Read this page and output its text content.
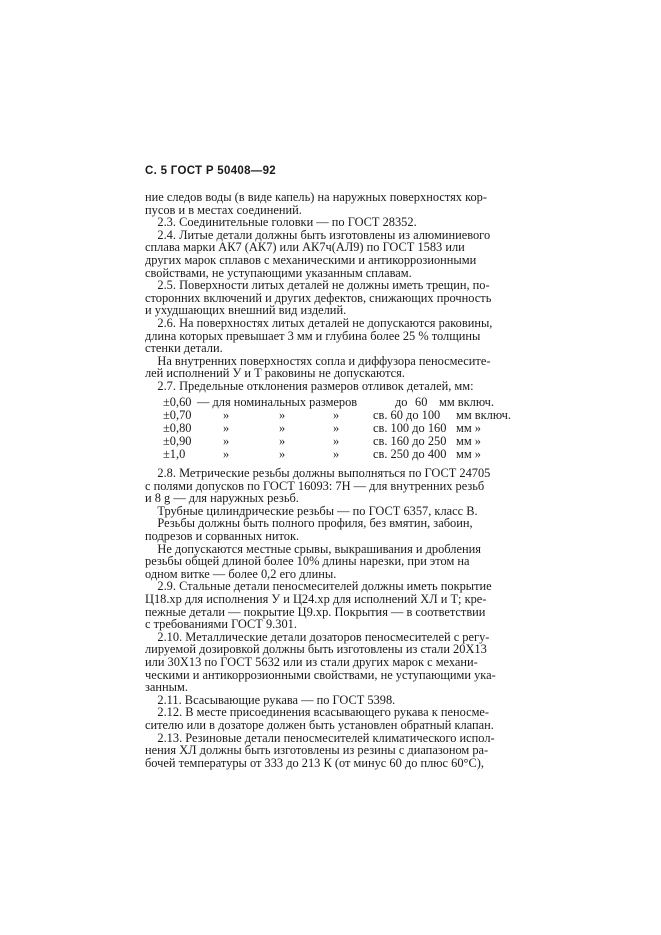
С. 5 ГОСТ Р 50408—92
ние следов воды (в виде капель) на наружных поверхностях кор-
пусов и в местах соединений.
2.3. Соединительные головки — по ГОСТ 28352.
2.4. Литые детали должны быть изготовлены из алюминиевого
сплава марки АК7 (АК7) или АК7ч(АЛ9) по ГОСТ 1583 или
других марок сплавов с механическими и антикоррозионными
свойствами, не уступающими указанным сплавам.
2.5. Поверхности литых деталей не должны иметь трещин, по-
сторонних включений и других дефектов, снижающих прочность
и ухудшающих внешний вид изделий.
2.6. На поверхностях литых деталей не допускаются раковины,
длина которых превышает 3 мм и глубина более 25 % толщины
стенки детали.
На внутренних поверхностях сопла и диффузора пеносмесите-
лей исполнений У и Т раковины не допускаются.
2.7. Предельные отклонения размеров отливок деталей, мм:
±0,60 — для номинальных размеров	до 60 мм включ.
±0,70	»	»	»	св. 60 до 100 мм включ.
±0,80	»	»	»	св. 100 до 160 мм »
±0,90	»	»	»	св. 160 до 250 мм »
±1,0	»	»	»	св. 250 до 400 мм »
2.8. Метрические резьбы должны выполняться по ГОСТ 24705
с полями допусков по ГОСТ 16093: 7Н — для внутренних резьб
и 8 g — для наружных резьб.
Трубные цилиндрические резьбы — по ГОСТ 6357, класс В.
Резьбы должны быть полного профиля, без вмятин, забоин,
подрезов и сорванных ниток.
Не допускаются местные срывы, выкрашивания и дробления
резьбы общей длиной более 10% длины нарезки, при этом на
одном витке — более 0,2 его длины.
2.9. Стальные детали пеносмесителей должны иметь покрытие
Ц18.хр для исполнения У и Ц24.хр для исполнений ХЛ и Т; кре-
пежные детали — покрытие Ц9.хр. Покрытия — в соответствии
с требованиями ГОСТ 9.301.
2.10. Металлические детали дозаторов пеносмесителей с регу-
лируемой дозировкой должны быть изготовлены из стали 20Х13
или 30Х13 по ГОСТ 5632 или из стали других марок с механи-
ческими и антикоррозионными свойствами, не уступающими ука-
занным.
2.11. Всасывающие рукава — по ГОСТ 5398.
2.12. В месте присоединения всасывающего рукава к пеносме-
сителю или в дозаторе должен быть установлен обратный клапан.
2.13. Резиновые детали пеносмесителей климатического испол-
нения ХЛ должны быть изготовлены из резины с диапазоном ра-
бочей температуры от 333 до 213 К (от минус 60 до плюс 60°С),
